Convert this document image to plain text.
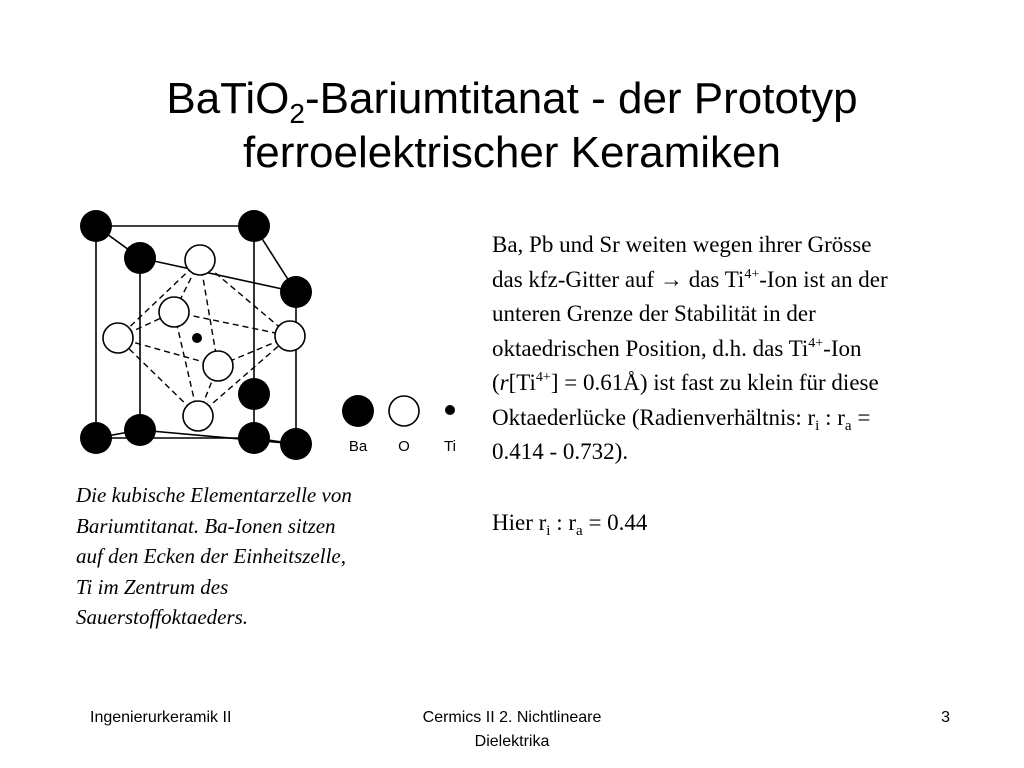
BaTiO$_2$-Bariumtitanat - der Prototyp
ferroelektrischer Keramiken
Ba O Ti
Die kubische Elementarzelle von
Bariumtitanat. Ba-Ionen sitzen
auf den Ecken der Einheitszelle,
Ti im Zentrum des
Sauerstoffoktaeders.

Ba, Pb und Sr weiten wegen ihrer Grösse

das kfz-Gitter auf → das $Ti^{4+}$-Ion ist an der

unteren Grenze der Stabilität in der

oktaedrischen Position, d.h. das $Ti^{4+}$-Ion

($r[Ti^{4+}]$ = 0.61Å) ist fast zu klein für diese

Oktaederlücke (Radienverhältnis: $r_i$ : $r_a$ =

0.414 - 0.732).

Hier $r_i$ : $r_a = 0.44$

Ingenierurkeramik II	Cermics II 2. Nichtlineare
Dielektrika
3
